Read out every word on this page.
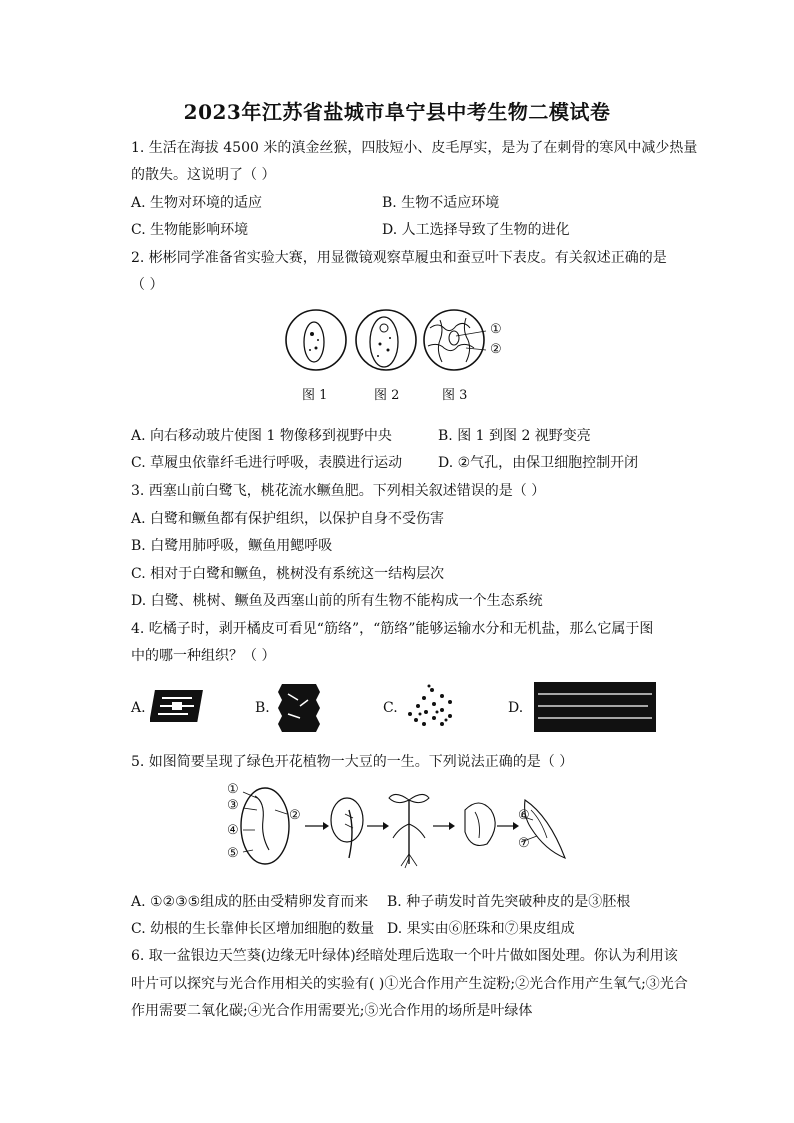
2023年江苏省盐城市阜宁县中考生物二模试卷
1. 生活在海拔 4500 米的滇金丝猴，四肢短小、皮毛厚实，是为了在刺骨的寒风中减少热量
的散失。这说明了（ ）
A. 生物对环境的适应	B. 生物不适应环境
C. 生物能影响环境	D. 人工选择导致了生物的进化
2. 彬彬同学准备省实验大赛，用显微镜观察草履虫和蚕豆叶下表皮。有关叙述正确的是
（ ）
①
②
图 1	图 2	图 3
A. 向右移动玻片使图 1 物像移到视野中央	B. 图 1 到图 2 视野变亮
C. 草履虫依靠纤毛进行呼吸，表膜进行运动	D. ②气孔，由保卫细胞控制开闭
3. 西塞山前白鹭飞，桃花流水鳜鱼肥。下列相关叙述错误的是（ ）
A. 白鹭和鳜鱼都有保护组织，以保护自身不受伤害
B. 白鹭用肺呼吸，鳜鱼用鳃呼吸
C. 相对于白鹭和鳜鱼，桃树没有系统这一结构层次
D. 白鹭、桃树、鳜鱼及西塞山前的所有生物不能构成一个生态系统
4. 吃橘子时，剥开橘皮可看见“筋络”，“筋络”能够运输水分和无机盐，那么它属于图
中的哪一种组织？（ ）
A.	B.	C.	D.
5. 如图简要呈现了绿色开花植物一大豆的一生。下列说法正确的是（ ）
①
③
④
⑤
②	⑥
⑦
A. ①②③⑤组成的胚由受精卵发育而来 B. 种子萌发时首先突破种皮的是③胚根
C. 幼根的生长靠伸长区增加细胞的数量 D. 果实由⑥胚珠和⑦果皮组成
6. 取一盆银边天竺葵(边缘无叶绿体)经暗处理后选取一个叶片做如图处理。你认为利用该
叶片可以探究与光合作用相关的实验有( )①光合作用产生淀粉;②光合作用产生氧气;③光合
作用需要二氧化碳;④光合作用需要光;⑤光合作用的场所是叶绿体
